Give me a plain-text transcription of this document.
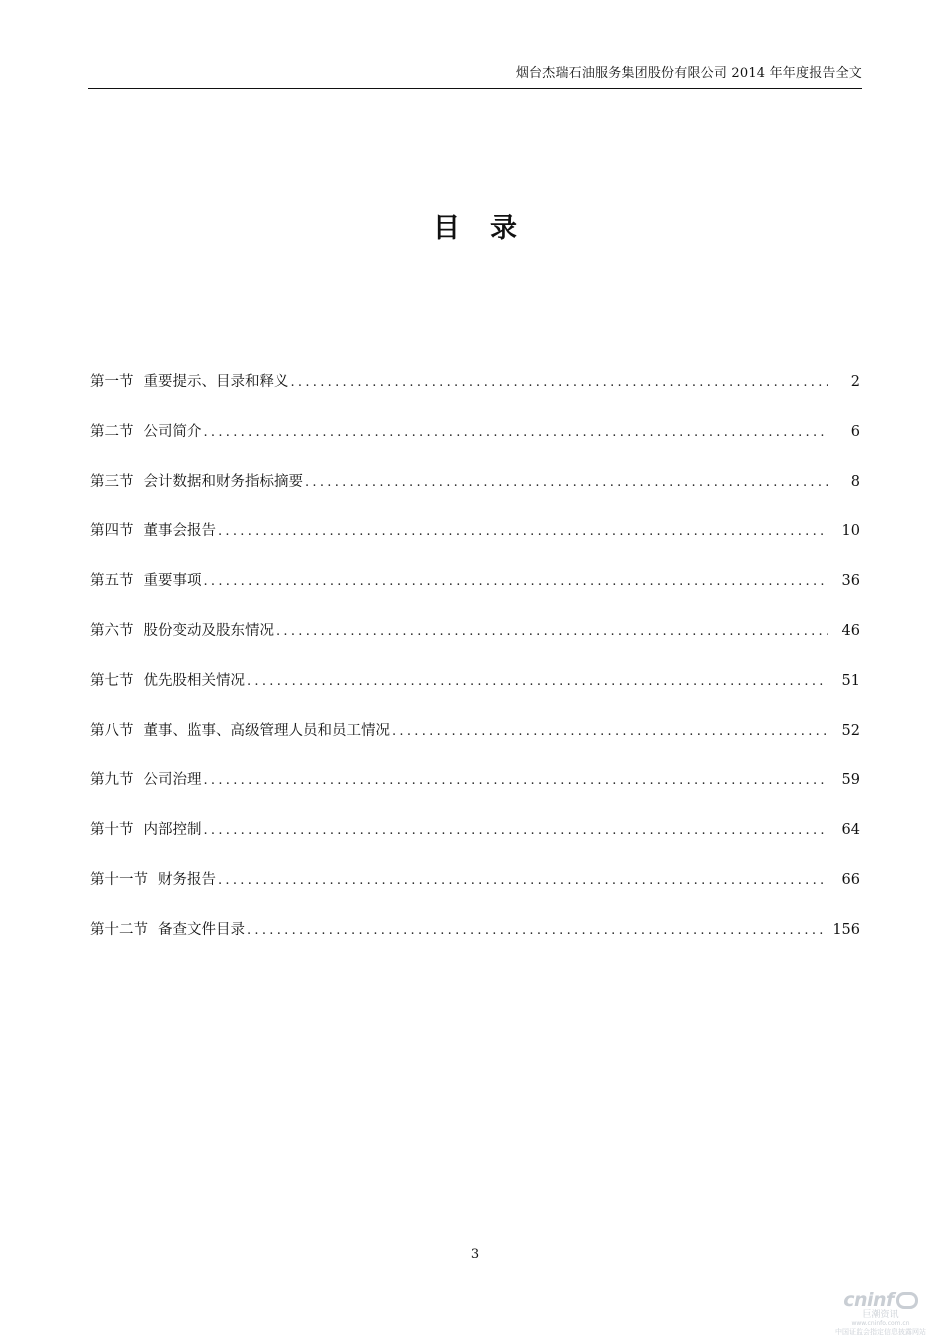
烟台杰瑞石油服务集团股份有限公司 2014 年年度报告全文
目录
第一节 重要提示、目录和释义 .....	2
第二节 公司简介 .....	6
第三节 会计数据和财务指标摘要 .....	8
第四节 董事会报告 .....	10
第五节 重要事项 .....	36
第六节 股份变动及股东情况 .....	46
第七节 优先股相关情况 .....	51
第八节 董事、监事、高级管理人员和员工情况 .....	52
第九节 公司治理 .....	59
第十节 内部控制 .....	64
第十一节 财务报告 .....	66
第十二节 备查文件目录 .....	156
3
cninf
巨潮资讯
www.cninfo.com.cn
中国证监会指定信息披露网站
